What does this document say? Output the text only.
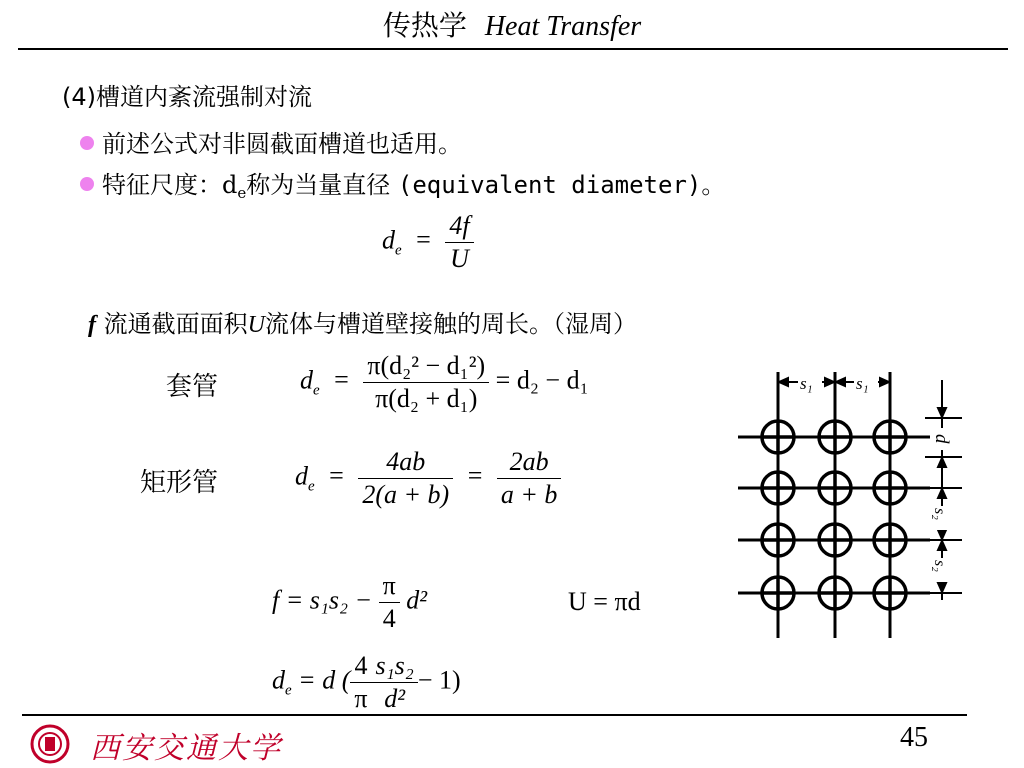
传热学 Heat Transfer
(4)槽道内紊流强制对流
前述公式对非圆截面槽道也适用。
特征尺度：$d_e$称为当量直径 (equivalent diameter)。
$d_e = \frac{4f}{U}$
f 流通截面面积U流体与槽道壁接触的周长。（湿周）
套管	$d_e = \frac{\text{π(d₂² − d₁²)}}{\text{π(d₂ + d₁)}} = d_2 - d_1$
矩形管	$d_e = \frac{4ab}{2(a + b)} = \frac{2ab}{a + b}$
$f = s_1s_2 - \frac{\pi}{4} d^2$	U = πd
$d_e = d$ ( $\frac{4}{\pi} \frac{\text{s₁s₂}}{\text{d²}} - 1$)
s₁	s₁
d
s₂
s₂
西安交通大学	45
